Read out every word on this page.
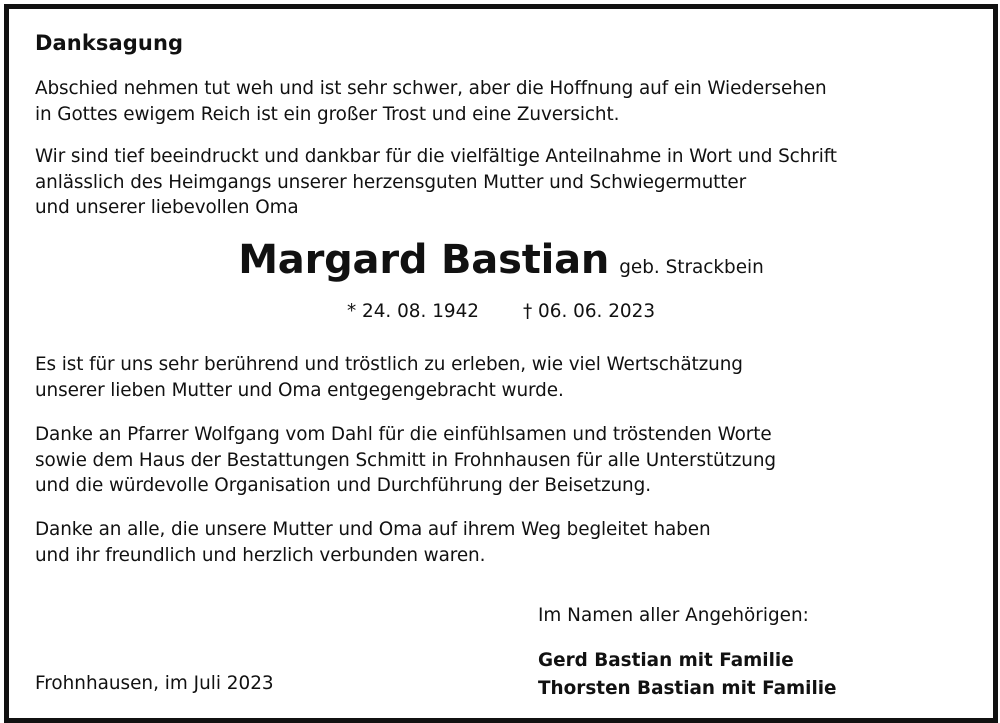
Danksagung
Abschied nehmen tut weh und ist sehr schwer, aber die Hoffnung auf ein Wiedersehen
in Gottes ewigem Reich ist ein großer Trost und eine Zuversicht.
Wir sind tief beeindruckt und dankbar für die vielfältige Anteilnahme in Wort und Schrift
anlässlich des Heimgangs unserer herzensguten Mutter und Schwiegermutter
und unserer liebevollen Oma
Margard Bastian geb. Strackbein
* 24. 08. 1942 † 06. 06. 2023
Es ist für uns sehr berührend und tröstlich zu erleben, wie viel Wertschätzung
unserer lieben Mutter und Oma entgegengebracht wurde.
Danke an Pfarrer Wolfgang vom Dahl für die einfühlsamen und tröstenden Worte
sowie dem Haus der Bestattungen Schmitt in Frohnhausen für alle Unterstützung
und die würdevolle Organisation und Durchführung der Beisetzung.
Danke an alle, die unsere Mutter und Oma auf ihrem Weg begleitet haben
und ihr freundlich und herzlich verbunden waren.
Im Namen aller Angehörigen:
Gerd Bastian mit Familie
Thorsten Bastian mit Familie
Frohnhausen, im Juli 2023
